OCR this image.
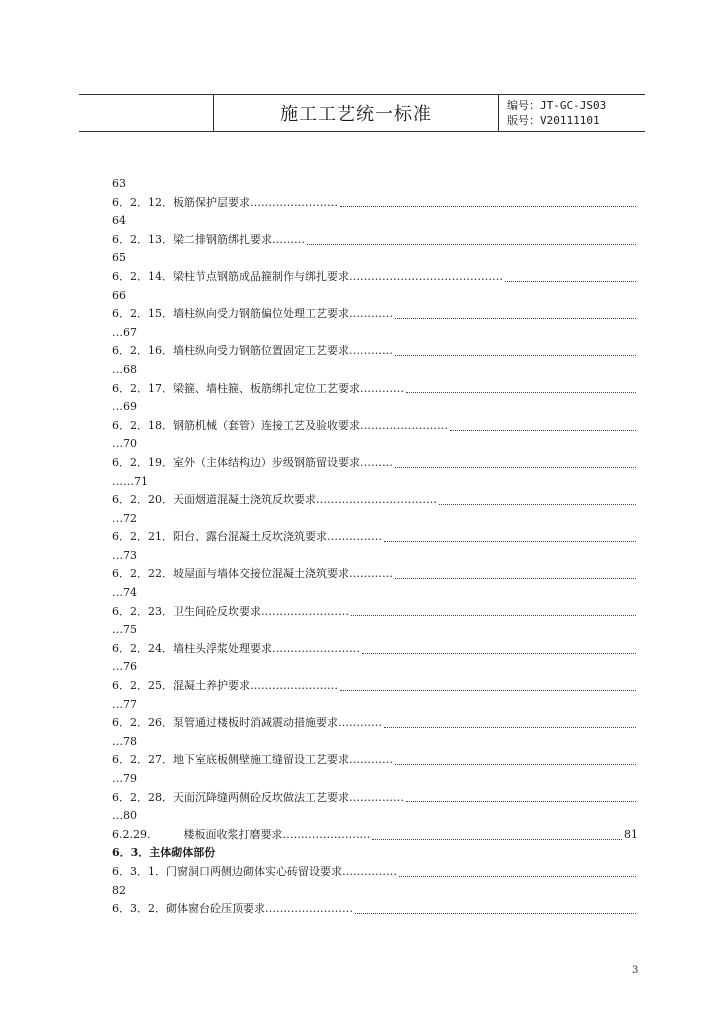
施工工艺统一标准	编号：JT-GC-JS03
版号：V20111101
63
6．2．12．板筋保护层要求……………………
64
6．2．13．梁二排钢筋绑扎要求………
65
6．2．14．梁柱节点钢筋成品箍制作与绑扎要求……………………………………
66
6．2．15．墙柱纵向受力钢筋偏位处理工艺要求…………
…67
6．2．16．墙柱纵向受力钢筋位置固定工艺要求…………
…68
6．2．17．梁箍、墙柱箍、板筋绑扎定位工艺要求…………
…69
6．2．18．钢筋机械（套管）连接工艺及验收要求……………………
…70
6．2．19．室外（主体结构边）步级钢筋留设要求………
……71
6．2．20．天面烟道混凝土浇筑反坎要求……………………………
…72
6．2．21．阳台、露台混凝土反坎浇筑要求……………
…73
6．2．22．坡屋面与墙体交接位混凝土浇筑要求…………
…74
6．2．23．卫生间砼反坎要求……………………
…75
6．2．24．墙柱头浮浆处理要求……………………
…76
6．2．25．混凝土养护要求……………………
…77
6．2．26．泵管通过楼板时消减震动措施要求…………
…78
6．2．27．地下室底板侧壁施工缝留设工艺要求…………
…79
6．2．28．天面沉降缝两侧砼反坎做法工艺要求……………
…80
6.2.29.　　　楼板面收浆打磨要求……………………	81
6．3．主体砌体部份
6．3．1．门窗洞口两侧边砌体实心砖留设要求……………
82
6．3．2．砌体窗台砼压顶要求……………………
3
